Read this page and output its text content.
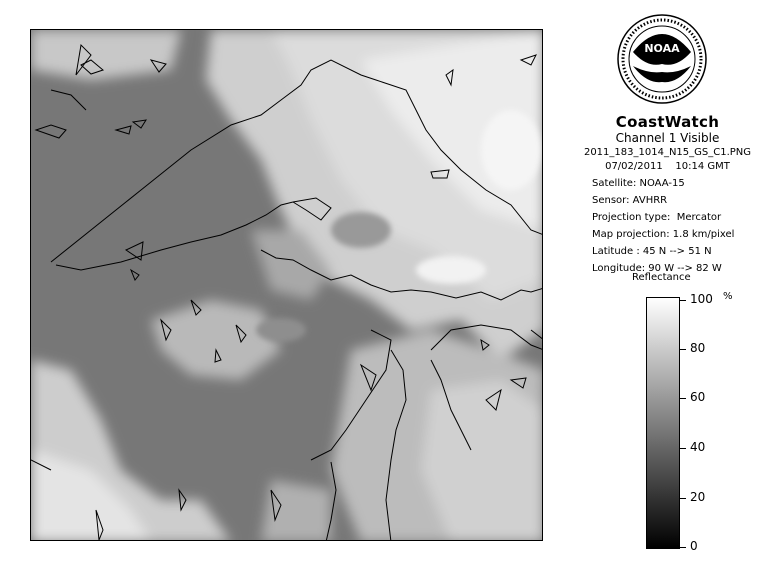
NOAA
CoastWatch
Channel 1 Visible
2011_183_1014_N15_GS_C1.PNG
07/02/2011    10:14 GMT
Satellite: NOAA-15
Sensor: AVHRR
Projection type:  Mercator
Map projection: 1.8 km/pixel
Latitude : 45 N --> 51 N
Longitude: 90 W --> 82 W
Reflectance
%
100
80
60
40
20
0
